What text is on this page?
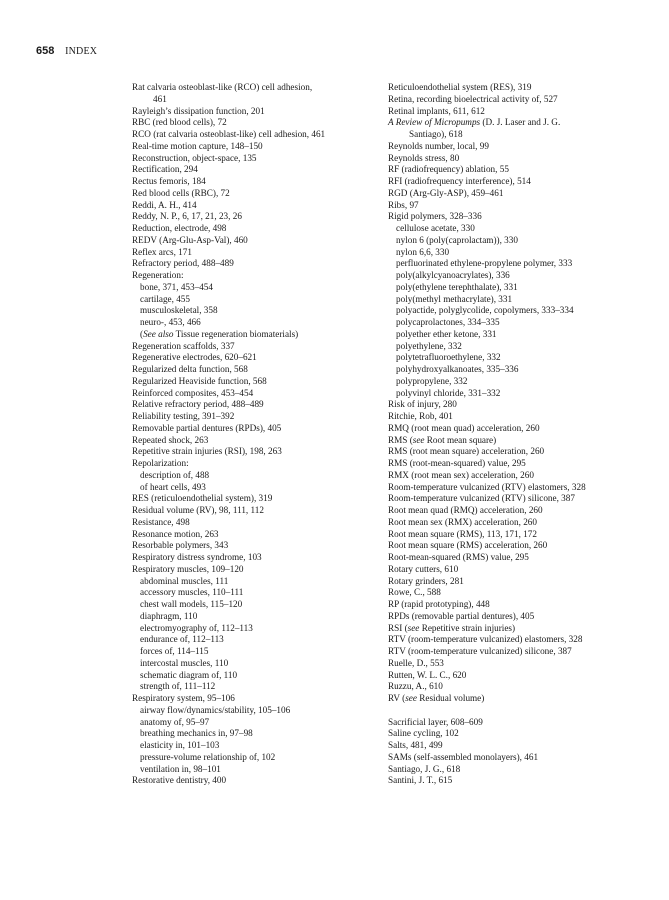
658 INDEX
Rat calvaria osteoblast-like (RCO) cell adhesion,
461
Rayleigh’s dissipation function, 201
RBC (red blood cells), 72
RCO (rat calvaria osteoblast-like) cell adhesion, 461
Real-time motion capture, 148–150
Reconstruction, object-space, 135
Rectification, 294
Rectus femoris, 184
Red blood cells (RBC), 72
Reddi, A. H., 414
Reddy, N. P., 6, 17, 21, 23, 26
Reduction, electrode, 498
REDV (Arg-Glu-Asp-Val), 460
Reflex arcs, 171
Refractory period, 488–489
Regeneration:
bone, 371, 453–454
cartilage, 455
musculoskeletal, 358
neuro-, 453, 466
(See also Tissue regeneration biomaterials)
Regeneration scaffolds, 337
Regenerative electrodes, 620–621
Regularized delta function, 568
Regularized Heaviside function, 568
Reinforced composites, 453–454
Relative refractory period, 488–489
Reliability testing, 391–392
Removable partial dentures (RPDs), 405
Repeated shock, 263
Repetitive strain injuries (RSI), 198, 263
Repolarization:
description of, 488
of heart cells, 493
RES (reticuloendothelial system), 319
Residual volume (RV), 98, 111, 112
Resistance, 498
Resonance motion, 263
Resorbable polymers, 343
Respiratory distress syndrome, 103
Respiratory muscles, 109–120
abdominal muscles, 111
accessory muscles, 110–111
chest wall models, 115–120
diaphragm, 110
electromyography of, 112–113
endurance of, 112–113
forces of, 114–115
intercostal muscles, 110
schematic diagram of, 110
strength of, 111–112
Respiratory system, 95–106
airway flow/dynamics/stability, 105–106
anatomy of, 95–97
breathing mechanics in, 97–98
elasticity in, 101–103
pressure-volume relationship of, 102
ventilation in, 98–101
Restorative dentistry, 400
Reticuloendothelial system (RES), 319
Retina, recording bioelectrical activity of, 527
Retinal implants, 611, 612
A Review of Micropumps (D. J. Laser and J. G.
Santiago), 618
Reynolds number, local, 99
Reynolds stress, 80
RF (radiofrequency) ablation, 55
RFI (radiofrequency interference), 514
RGD (Arg-Gly-ASP), 459–461
Ribs, 97
Rigid polymers, 328–336
cellulose acetate, 330
nylon 6 (poly(caprolactam)), 330
nylon 6,6, 330
perfluorinated ethylene-propylene polymer, 333
poly(alkylcyanoacrylates), 336
poly(ethylene terephthalate), 331
poly(methyl methacrylate), 331
polyactide, polyglycolide, copolymers, 333–334
polycaprolactones, 334–335
polyether ether ketone, 331
polyethylene, 332
polytetrafluoroethylene, 332
polyhydroxyalkanoates, 335–336
polypropylene, 332
polyvinyl chloride, 331–332
Risk of injury, 280
Ritchie, Rob, 401
RMQ (root mean quad) acceleration, 260
RMS (see Root mean square)
RMS (root mean square) acceleration, 260
RMS (root-mean-squared) value, 295
RMX (root mean sex) acceleration, 260
Room-temperature vulcanized (RTV) elastomers, 328
Room-temperature vulcanized (RTV) silicone, 387
Root mean quad (RMQ) acceleration, 260
Root mean sex (RMX) acceleration, 260
Root mean square (RMS), 113, 171, 172
Root mean square (RMS) acceleration, 260
Root-mean-squared (RMS) value, 295
Rotary cutters, 610
Rotary grinders, 281
Rowe, C., 588
RP (rapid prototyping), 448
RPDs (removable partial dentures), 405
RSI (see Repetitive strain injuries)
RTV (room-temperature vulcanized) elastomers, 328
RTV (room-temperature vulcanized) silicone, 387
Ruelle, D., 553
Rutten, W. L. C., 620
Ruzzu, A., 610
RV (see Residual volume)
Sacrificial layer, 608–609
Saline cycling, 102
Salts, 481, 499
SAMs (self-assembled monolayers), 461
Santiago, J. G., 618
Santini, J. T., 615
